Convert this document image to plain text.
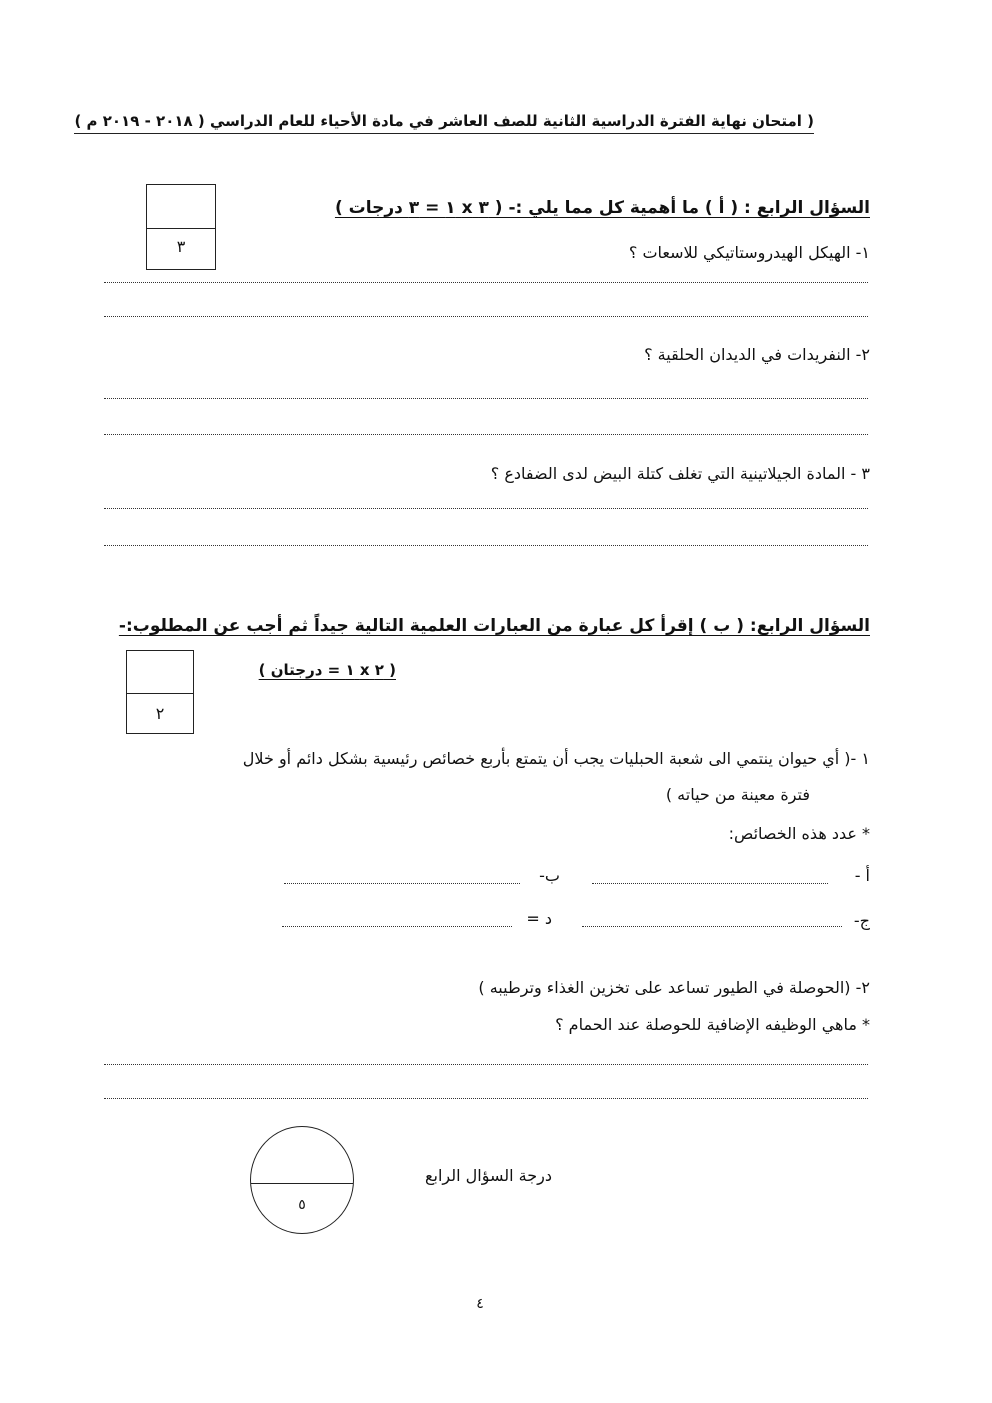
( امتحان نهاية الفترة الدراسية الثانية للصف العاشر في مادة الأحياء للعام الدراسي ( ٢٠١٨ - ٢٠١٩ م )
٣
السؤال الرابع : ( أ ) ما أهمية كل مما يلي :- ( ٣ x ١ = ٣ درجات )
١- الهيكل الهيدروستاتيكي للاسعات ؟
٢- النفريدات في الديدان الحلقية ؟
٣ - المادة الجيلاتينية التي تغلف كتلة البيض لدى الضفادع ؟
السؤال الرابع: ( ب ) إقرأ كل عبارة من العبارات العلمية التالية جيداً ثم أجب عن المطلوب:-
٢
( ٢ x ١ = درجتان )
١ -( أي حيوان ينتمي الى شعبة الحبليات يجب أن يتمتع بأربع خصائص رئيسية بشكل دائم أو خلال
فترة معينة من حياته )
* عدد هذه الخصائص:
أ -
ب-
ج-
د =
٢- (الحوصلة في الطيور تساعد على تخزين الغذاء وترطيبه )
* ماهي الوظيفه الإضافية للحوصلة عند الحمام ؟
٥
درجة السؤال الرابع
٤
